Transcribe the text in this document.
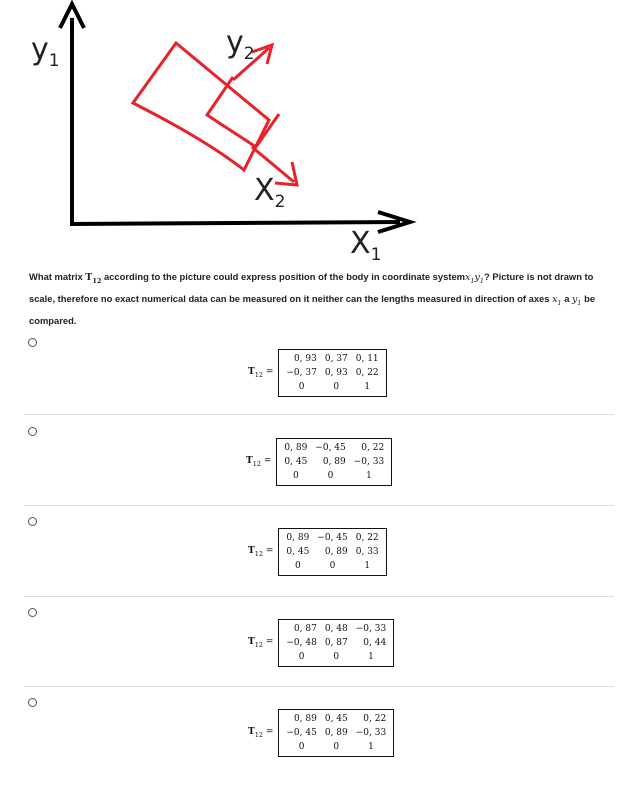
$y_1$
$y_2$
$X_2$
$X_1$
What matrix $T_{12}$ according to the picture could express position of the body in coordinate $systemx_1y_1$? Picture is not drawn to scale, therefore no exact numerical data can be measured on it neither can the lengths measured in direction of axes $x_1$ a $y_1$ be compared.
$T_{12}$ =
0, 93	0, 37	0, 11
−0, 37	0, 93	0, 22
0	0	1
$T_{12}$ =
0, 89	−0, 45	0, 22
0, 45	0, 89	−0, 33
0	0	1
$T_{12}$ =
0, 89	−0, 45	0, 22
0, 45	0, 89	0, 33
0	0	1
$T_{12}$ =
0, 87	0, 48	−0, 33
−0, 48	0, 87	0, 44
0	0	1
$T_{12}$ =
0, 89	0, 45	0, 22
−0, 45	0, 89	−0, 33
0	0	1
